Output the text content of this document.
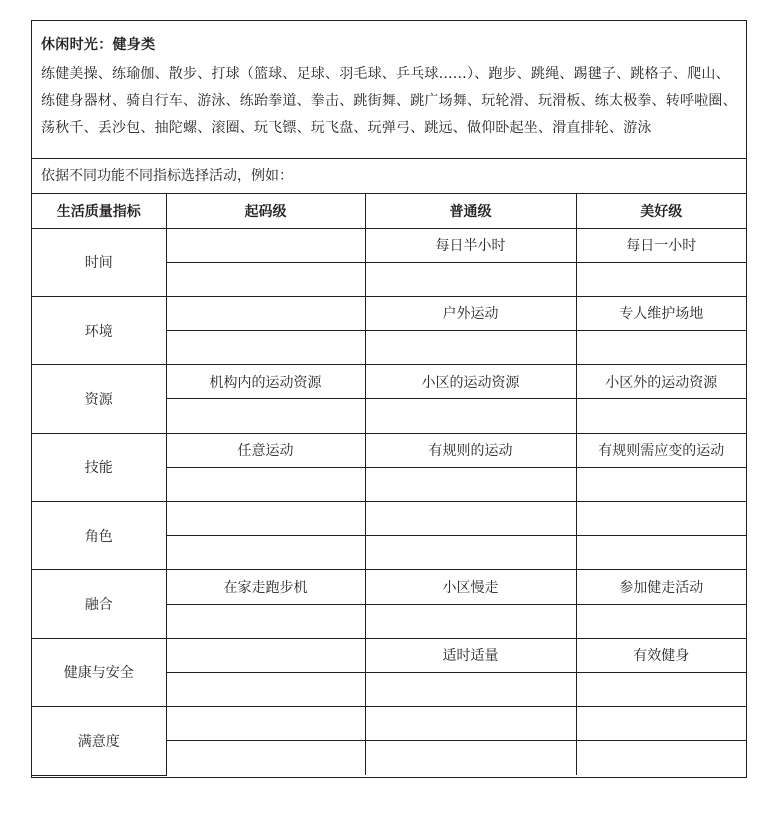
休闲时光：健身类
练健美操、练瑜伽、散步、打球（篮球、足球、羽毛球、乒乓球……）、跑步、跳绳、踢毽子、跳格子、爬山、练健身器材、骑自行车、游泳、练跆拳道、拳击、跳街舞、跳广场舞、玩轮滑、玩滑板、练太极拳、转呼啦圈、荡秋千、丢沙包、抽陀螺、滚圈、玩飞镖、玩飞盘、玩弹弓、跳远、做仰卧起坐、滑直排轮、游泳
依据不同功能不同指标选择活动，例如：
生活质量指标	起码级	普通级	美好级
时间		每日半小时	每日一小时

环境		户外运动	专人维护场地

资源	机构内的运动资源	小区的运动资源	小区外的运动资源

技能	任意运动	有规则的运动	有规则需应变的运动

角色			

融合	在家走跑步机	小区慢走	参加健走活动

健康与安全		适时适量	有效健身

满意度			
